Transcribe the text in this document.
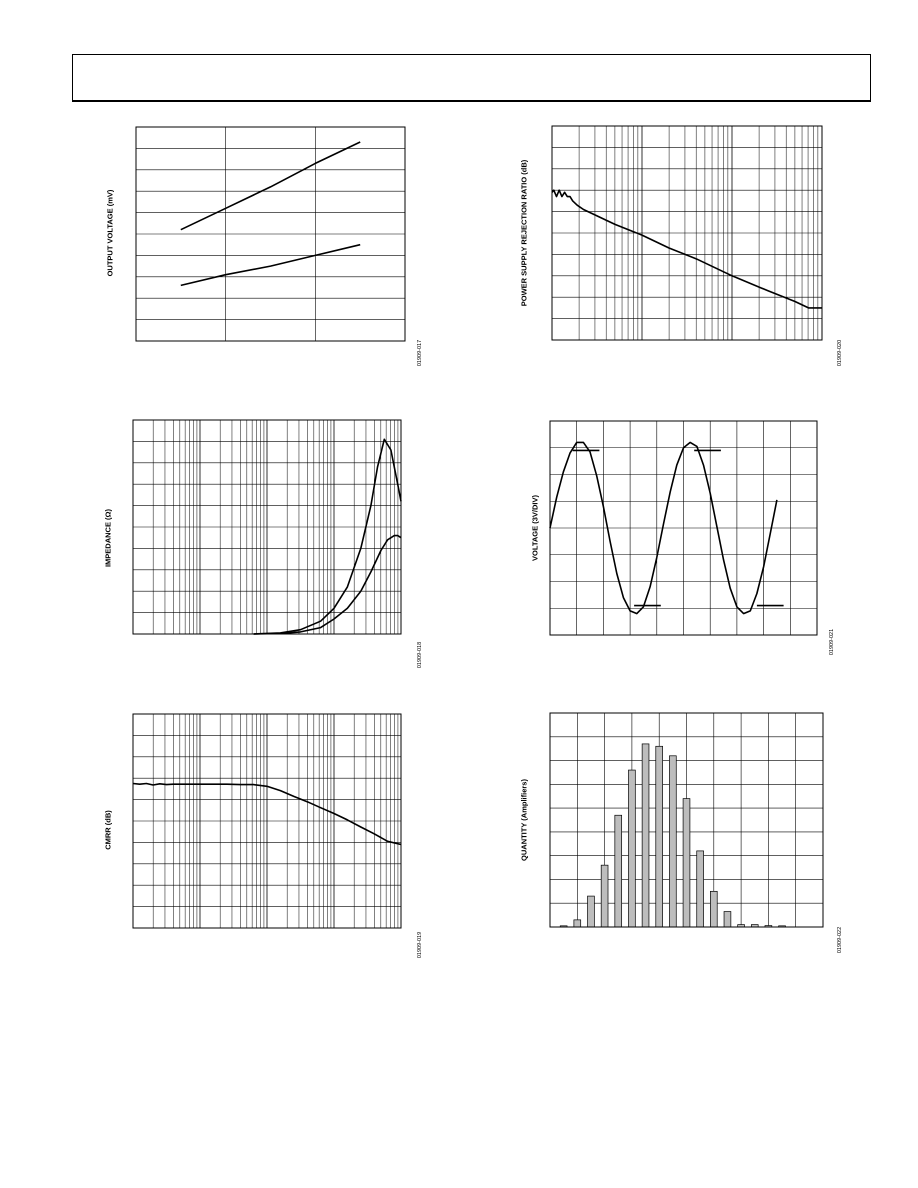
OUTPUT VOLTAGE (mV)
01909-017
POWER SUPPLY REJECTION RATIO (dB)
01909-020
IMPEDANCE (Ω)
01909-018
VOLTAGE (3V/DIV)
01909-021
CMRR (dB)
01909-019
QUANTITY (Amplifiers)
01909-022
